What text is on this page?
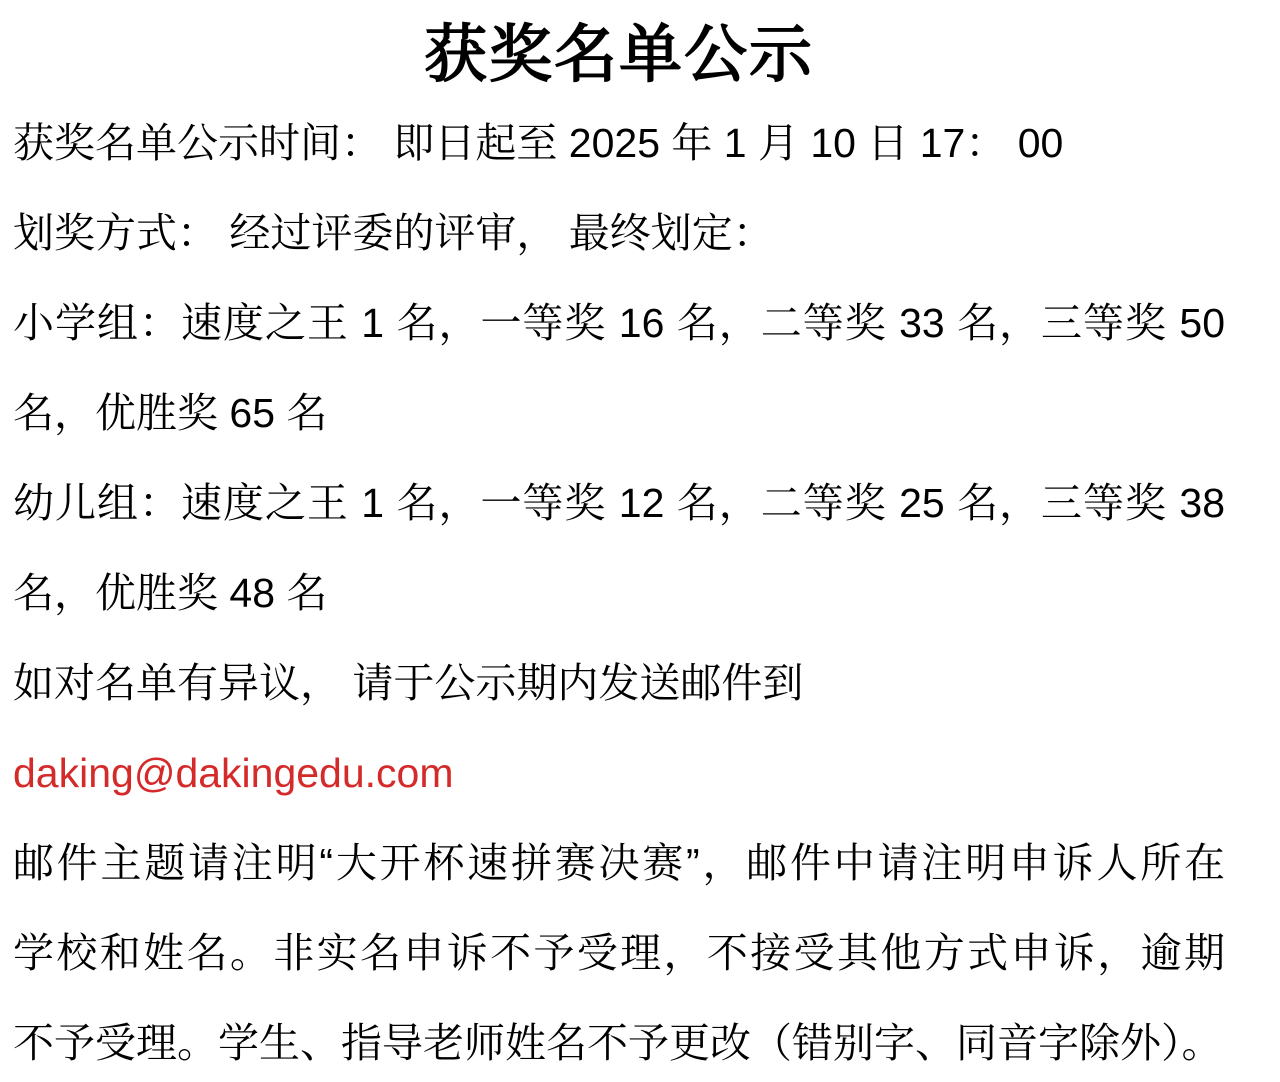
获奖名单公示
获奖名单公示时间： 即日起至 2025 年 1 月 10 日 17： 00
划奖方式： 经过评委的评审， 最终划定：
小学组：速度之王 1 名，一等奖 16 名，二等奖 33 名，三等奖 50
名，优胜奖 65 名
幼儿组：速度之王 1 名，一等奖 12 名，二等奖 25 名，三等奖 38
名，优胜奖 48 名
如对名单有异议， 请于公示期内发送邮件到
daking@dakingedu.com
邮件主题请注明“大开杯速拼赛决赛”，邮件中请注明申诉人所在
学校和姓名。非实名申诉不予受理，不接受其他方式申诉，逾期
不予受理。学生、指导老师姓名不予更改（错别字、同音字除外）。
